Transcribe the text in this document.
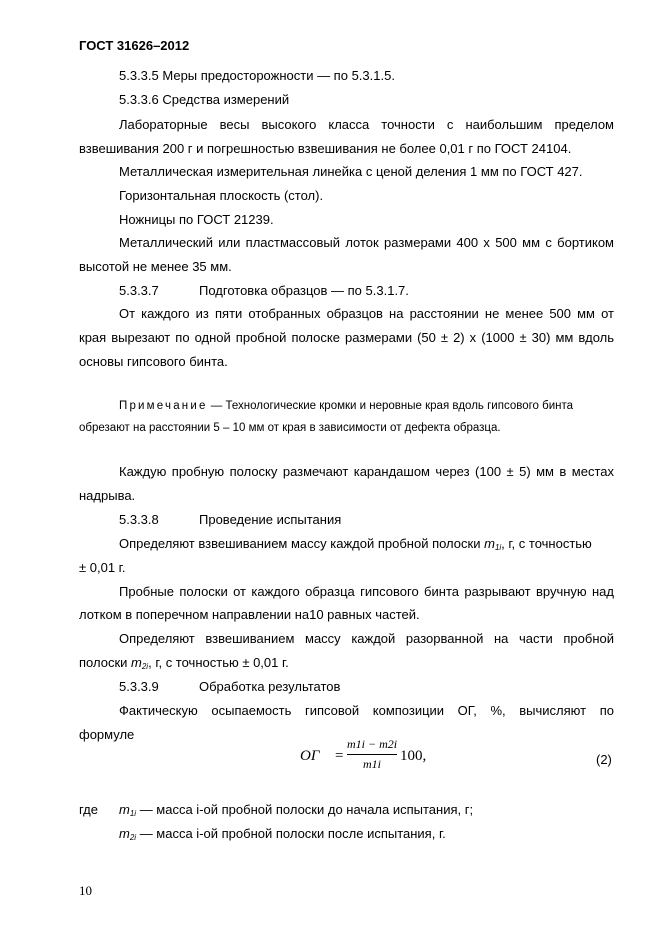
ГОСТ 31626–2012
5.3.3.5 Меры предосторожности — по 5.3.1.5.
5.3.3.6 Средства измерений
Лабораторные весы высокого класса точности с наибольшим пределом
взвешивания 200 г и погрешностью взвешивания не более 0,01 г по ГОСТ 24104.
Металлическая измерительная линейка с ценой деления 1 мм по ГОСТ 427.
Горизонтальная плоскость (стол).
Ножницы по ГОСТ 21239.
Металлический или пластмассовый лоток размерами 400 х 500 мм с бортиком
высотой не менее 35 мм.
5.3.3.7	Подготовка образцов — по 5.3.1.7.
От каждого из пяти отобранных образцов на расстоянии не менее 500 мм от
края вырезают по одной пробной полоске размерами (50 ± 2) х (1000 ± 30) мм вдоль
основы гипсового бинта.
Примечание — Технологические кромки и неровные края вдоль гипсового бинта
обрезают на расстоянии 5 – 10 мм от края в зависимости от дефекта образца.
Каждую пробную полоску размечают карандашом через (100 ± 5) мм в местах
надрыва.
5.3.3.8	Проведение испытания
Определяют взвешиванием массу каждой пробной полоски $m_{1i}$, г, с точностью
± 0,01 г.
Пробные полоски от каждого образца гипсового бинта разрывают вручную над
лотком в поперечном направлении на10 равных частей.
Определяют взвешиванием массу каждой разорванной на части пробной
полоски $m_{2i}$, г, с точностью ± 0,01 г.
5.3.3.9	Обработка результатов
Фактическую осыпаемость гипсовой композиции ОГ, %, вычисляют по
формуле
ОГ =
m1i − m2i
m1i	100,	(2)
где $m_{1i}$ — масса i-ой пробной полоски до начала испытания, г;
$m_{2i}$ — масса i-ой пробной полоски после испытания, г.
10
